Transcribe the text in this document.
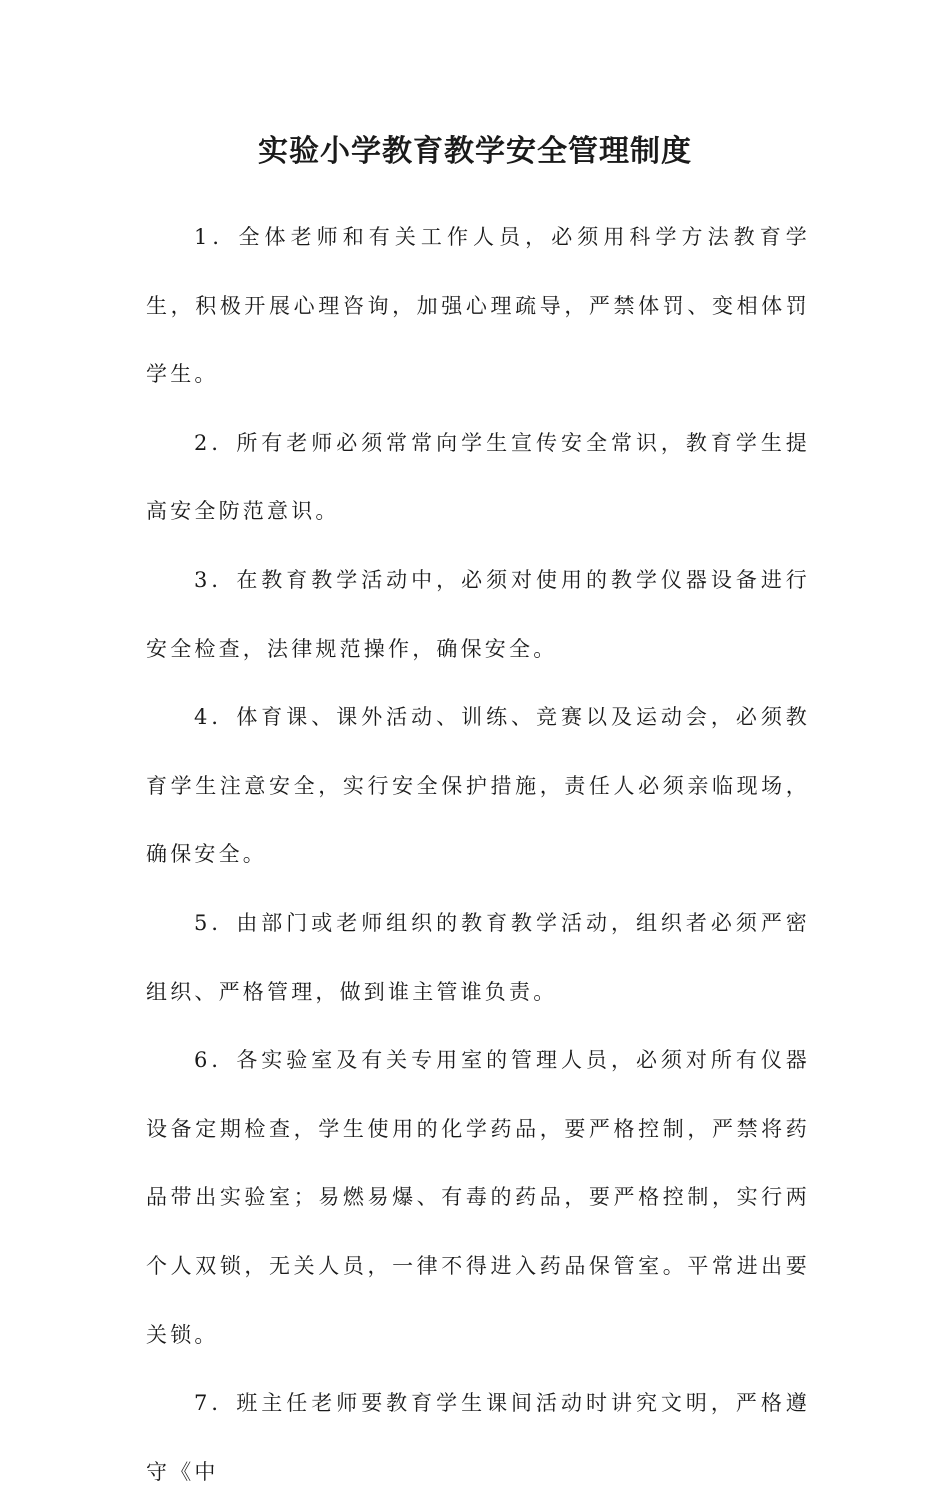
实验小学教育教学安全管理制度

1．全体老师和有关工作人员，必须用科学方法教育学生，积极开展心理咨询，加强心理疏导，严禁体罚、变相体罚学生。

2．所有老师必须常常向学生宣传安全常识，教育学生提高安全防范意识。

3．在教育教学活动中，必须对使用的教学仪器设备进行安全检查，法律规范操作，确保安全。

4．体育课、课外活动、训练、竞赛以及运动会，必须教育学生注意安全，实行安全保护措施，责任人必须亲临现场，确保安全。

5．由部门或老师组织的教育教学活动，组织者必须严密组织、严格管理，做到谁主管谁负责。

6．各实验室及有关专用室的管理人员，必须对所有仪器设备定期检查，学生使用的化学药品，要严格控制，严禁将药品带出实验室；易燃易爆、有毒的药品，要严格控制，实行两个人双锁，无关人员，一律不得进入药品保管室。平常进出要关锁。

7．班主任老师要教育学生课间活动时讲究文明，严格遵守《中
